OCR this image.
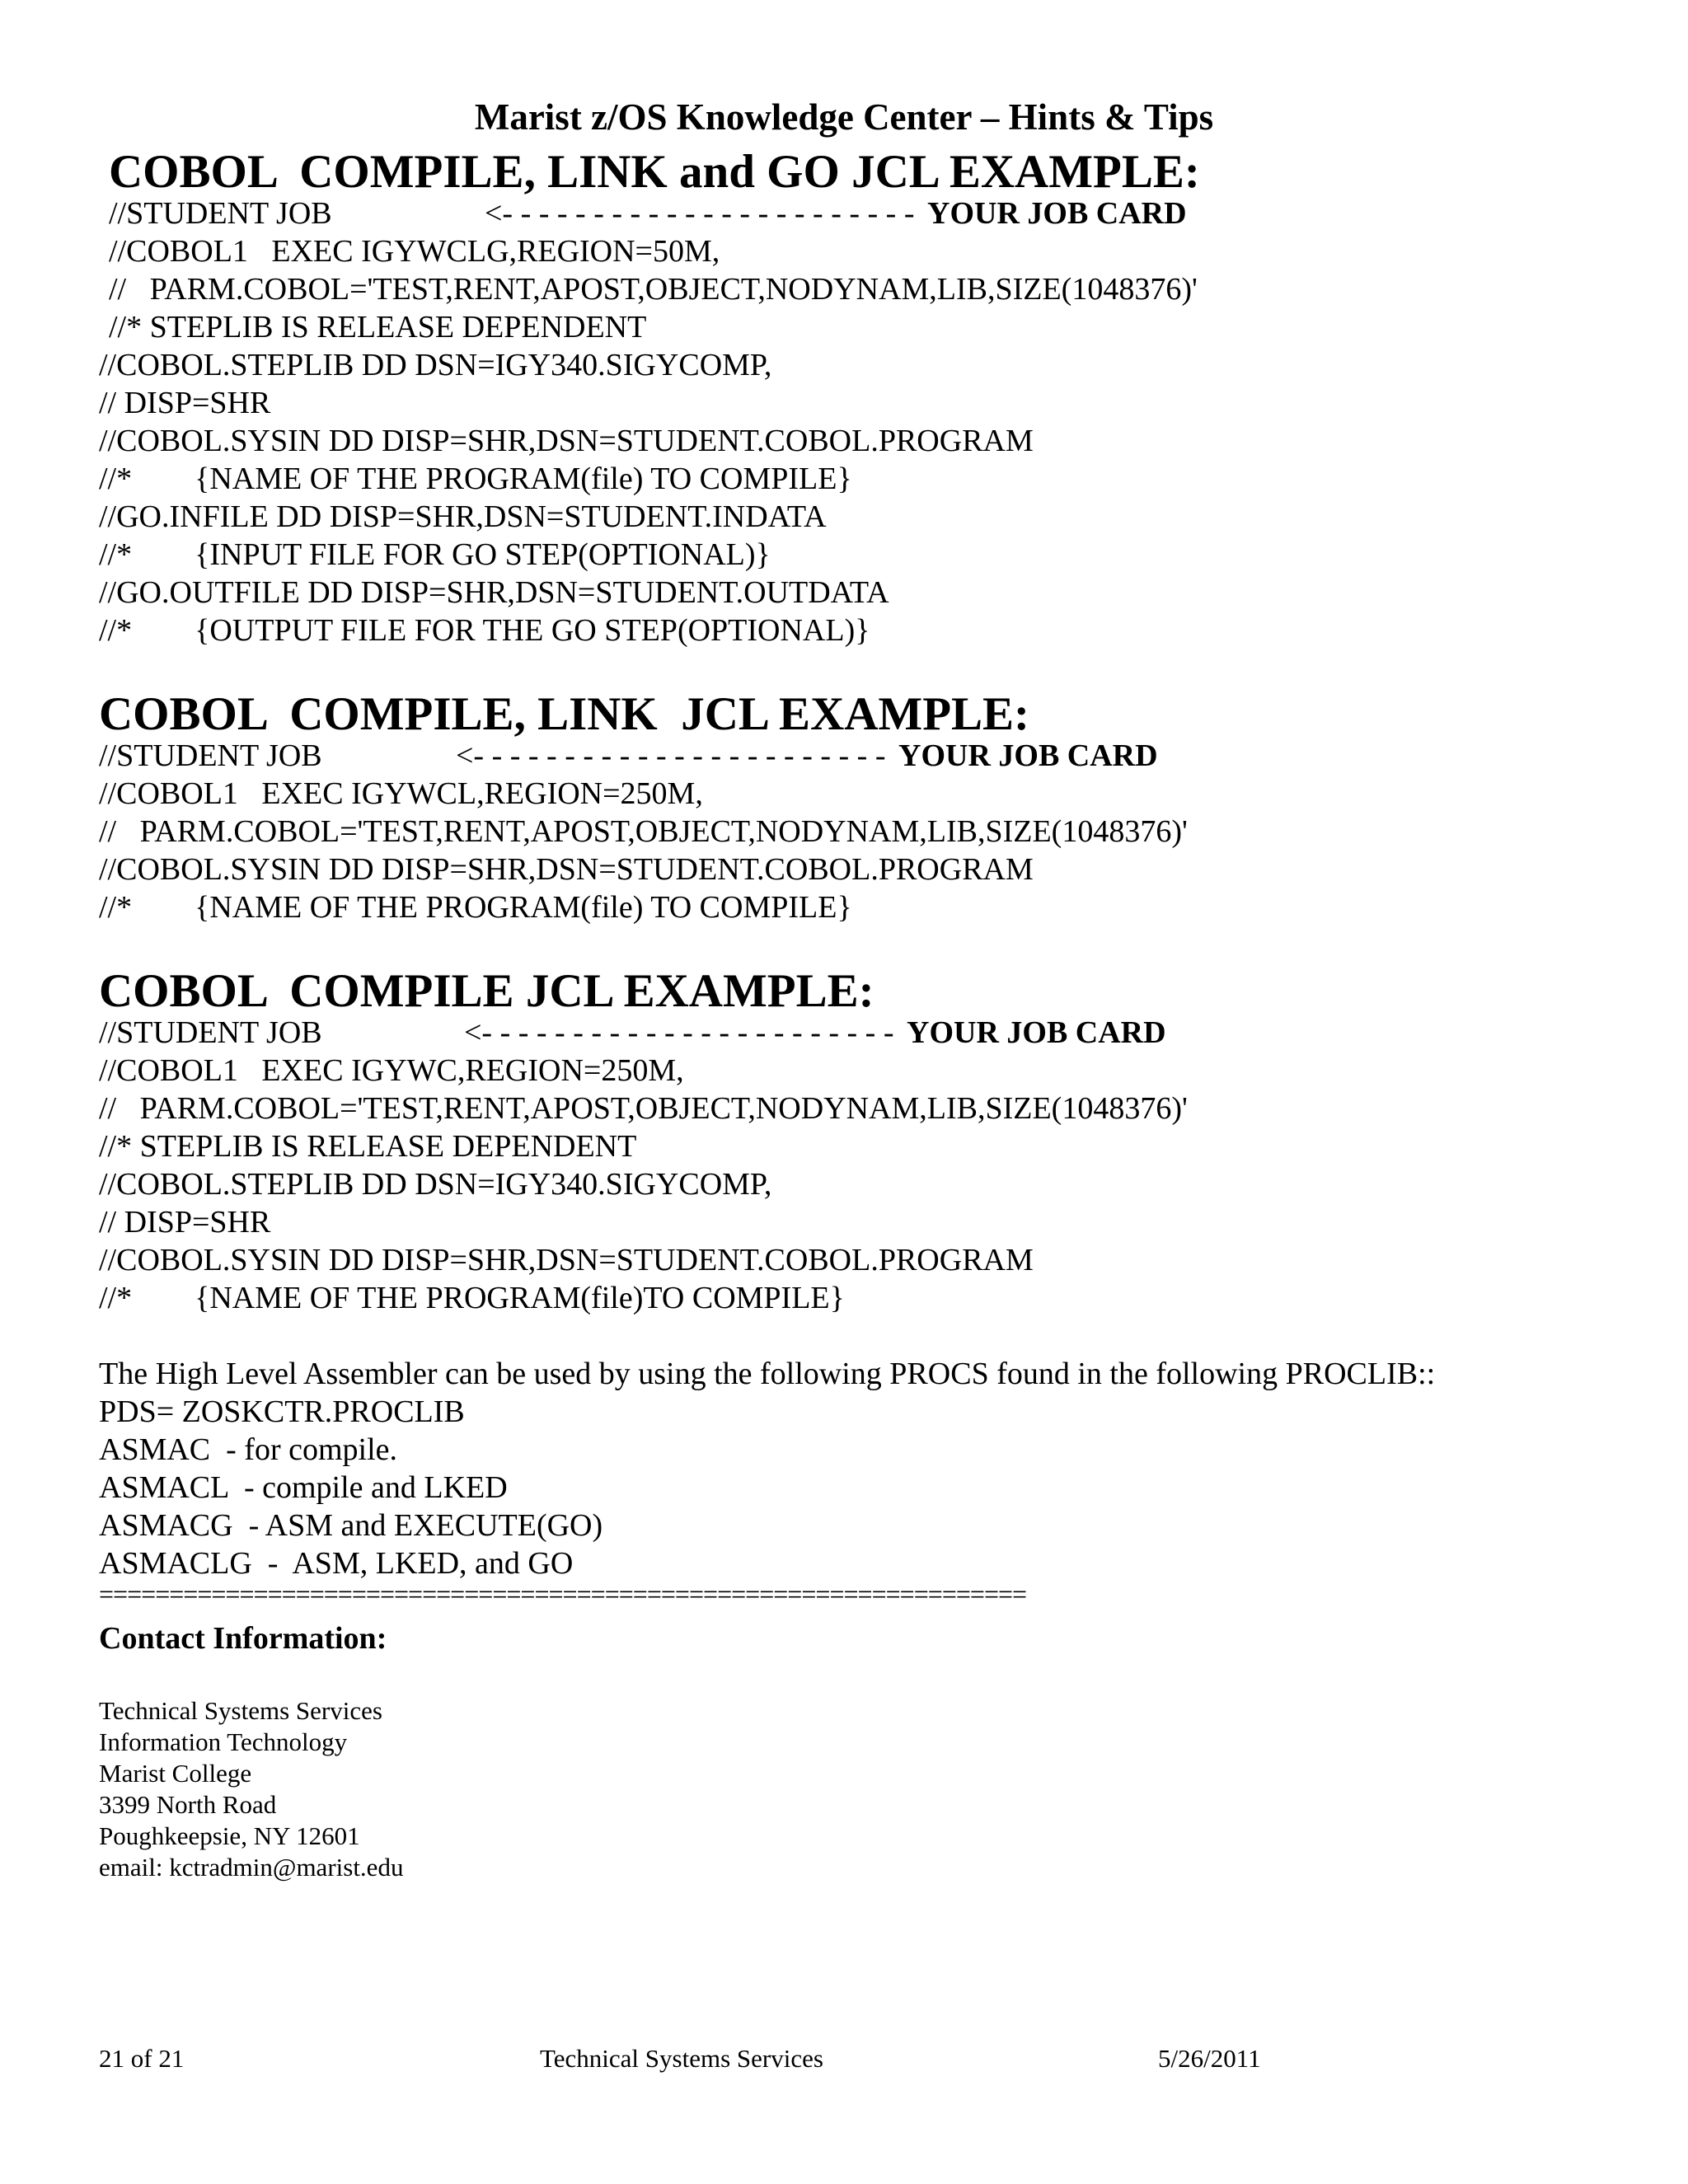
Marist z/OS Knowledge Center – Hints & Tips
COBOL  COMPILE, LINK and GO JCL EXAMPLE:
//STUDENT JOB	<- - - - - - - - - - - - - - - - - - - - - - - YOUR JOB CARD
//COBOL1   EXEC IGYWCLG,REGION=50M,
//   PARM.COBOL='TEST,RENT,APOST,OBJECT,NODYNAM,LIB,SIZE(1048376)'
//* STEPLIB IS RELEASE DEPENDENT
//COBOL.STEPLIB DD DSN=IGY340.SIGYCOMP,
// DISP=SHR
//COBOL.SYSIN DD DISP=SHR,DSN=STUDENT.COBOL.PROGRAM
//*        {NAME OF THE PROGRAM(file) TO COMPILE}
//GO.INFILE DD DISP=SHR,DSN=STUDENT.INDATA
//*        {INPUT FILE FOR GO STEP(OPTIONAL)}
//GO.OUTFILE DD DISP=SHR,DSN=STUDENT.OUTDATA
//*        {OUTPUT FILE FOR THE GO STEP(OPTIONAL)}
COBOL  COMPILE, LINK  JCL EXAMPLE:
//STUDENT JOB	<- - - - - - - - - - - - - - - - - - - - - - - YOUR JOB CARD
//COBOL1   EXEC IGYWCL,REGION=250M,
//   PARM.COBOL='TEST,RENT,APOST,OBJECT,NODYNAM,LIB,SIZE(1048376)'
//COBOL.SYSIN DD DISP=SHR,DSN=STUDENT.COBOL.PROGRAM
//*        {NAME OF THE PROGRAM(file) TO COMPILE}
COBOL  COMPILE JCL EXAMPLE:
//STUDENT JOB	<- - - - - - - - - - - - - - - - - - - - - - - YOUR JOB CARD
//COBOL1   EXEC IGYWC,REGION=250M,
//   PARM.COBOL='TEST,RENT,APOST,OBJECT,NODYNAM,LIB,SIZE(1048376)'
//* STEPLIB IS RELEASE DEPENDENT
//COBOL.STEPLIB DD DSN=IGY340.SIGYCOMP,
// DISP=SHR
//COBOL.SYSIN DD DISP=SHR,DSN=STUDENT.COBOL.PROGRAM
//*        {NAME OF THE PROGRAM(file)TO COMPILE}
The High Level Assembler can be used by using the following PROCS found in the following PROCLIB::
PDS= ZOSKCTR.PROCLIB
ASMAC  - for compile.
ASMACL  - compile and LKED
ASMACG  - ASM and EXECUTE(GO)
ASMACLG  -  ASM, LKED, and GO
==================================================================
Contact Information:
Technical Systems Services
Information Technology
Marist College
3399 North Road
Poughkeepsie, NY 12601
email: kctradmin@marist.edu
21 of 21	Technical Systems Services	5/26/2011
